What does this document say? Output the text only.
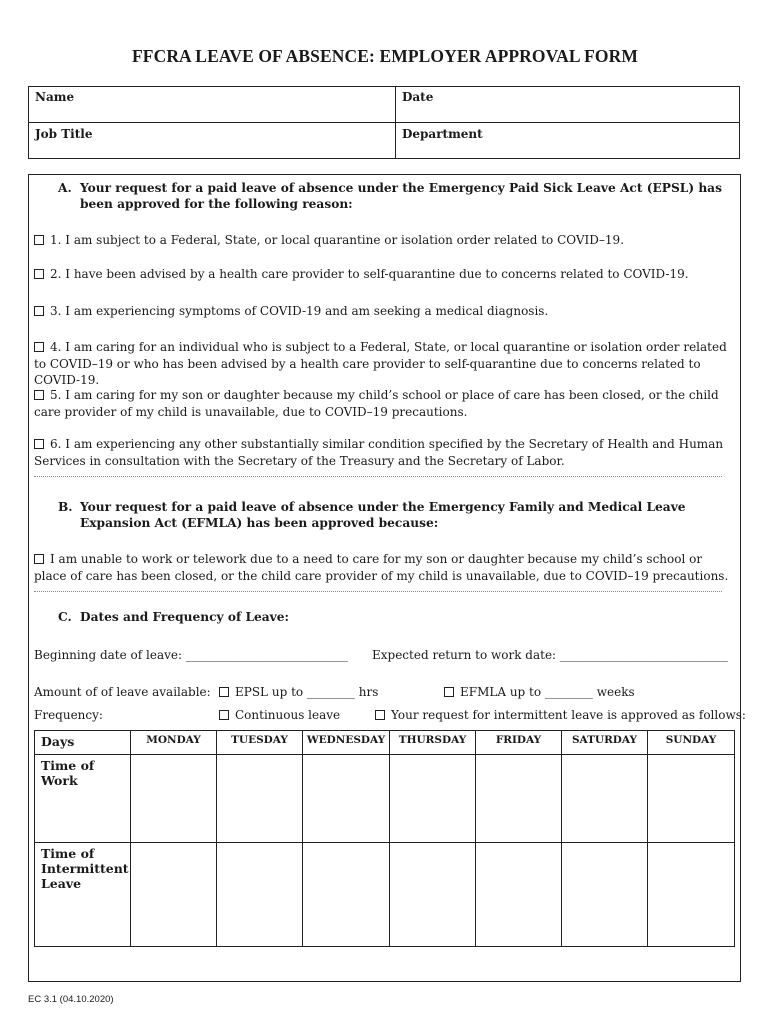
FFCRA LEAVE OF ABSENCE: EMPLOYER APPROVAL FORM
Name	Date
Job Title	Department
A. Your request for a paid leave of absence under the Emergency Paid Sick Leave Act (EPSL) has been approved for the following reason:
1. I am subject to a Federal, State, or local quarantine or isolation order related to COVID–19.
2. I have been advised by a health care provider to self-quarantine due to concerns related to COVID-19.
3. I am experiencing symptoms of COVID-19 and am seeking a medical diagnosis.
4. I am caring for an individual who is subject to a Federal, State, or local quarantine or isolation order related to COVID–19 or who has been advised by a health care provider to self-quarantine due to concerns related to COVID-19.
5. I am caring for my son or daughter because my child’s school or place of care has been closed, or the child care provider of my child is unavailable, due to COVID–19 precautions.
6. I am experiencing any other substantially similar condition specified by the Secretary of Health and Human Services in consultation with the Secretary of the Treasury and the Secretary of Labor.
B. Your request for a paid leave of absence under the Emergency Family and Medical Leave Expansion Act (EFMLA) has been approved because:
I am unable to work or telework due to a need to care for my son or daughter because my child’s school or place of care has been closed, or the child care provider of my child is unavailable, due to COVID–19 precautions.
C. Dates and Frequency of Leave:
Beginning date of leave: ___________________________ Expected return to work date: ____________________________
Amount of of leave available:	EPSL up to ________ hrs	EFMLA up to ________ weeks
Frequency:	Continuous leave	Your request for intermittent leave is approved as follows:
Days	MONDAY	TUESDAY	WEDNESDAY	THURSDAY	FRIDAY	SATURDAY	SUNDAY
Time of Work							
Time of Intermittent Leave							
EC 3.1 (04.10.2020)
